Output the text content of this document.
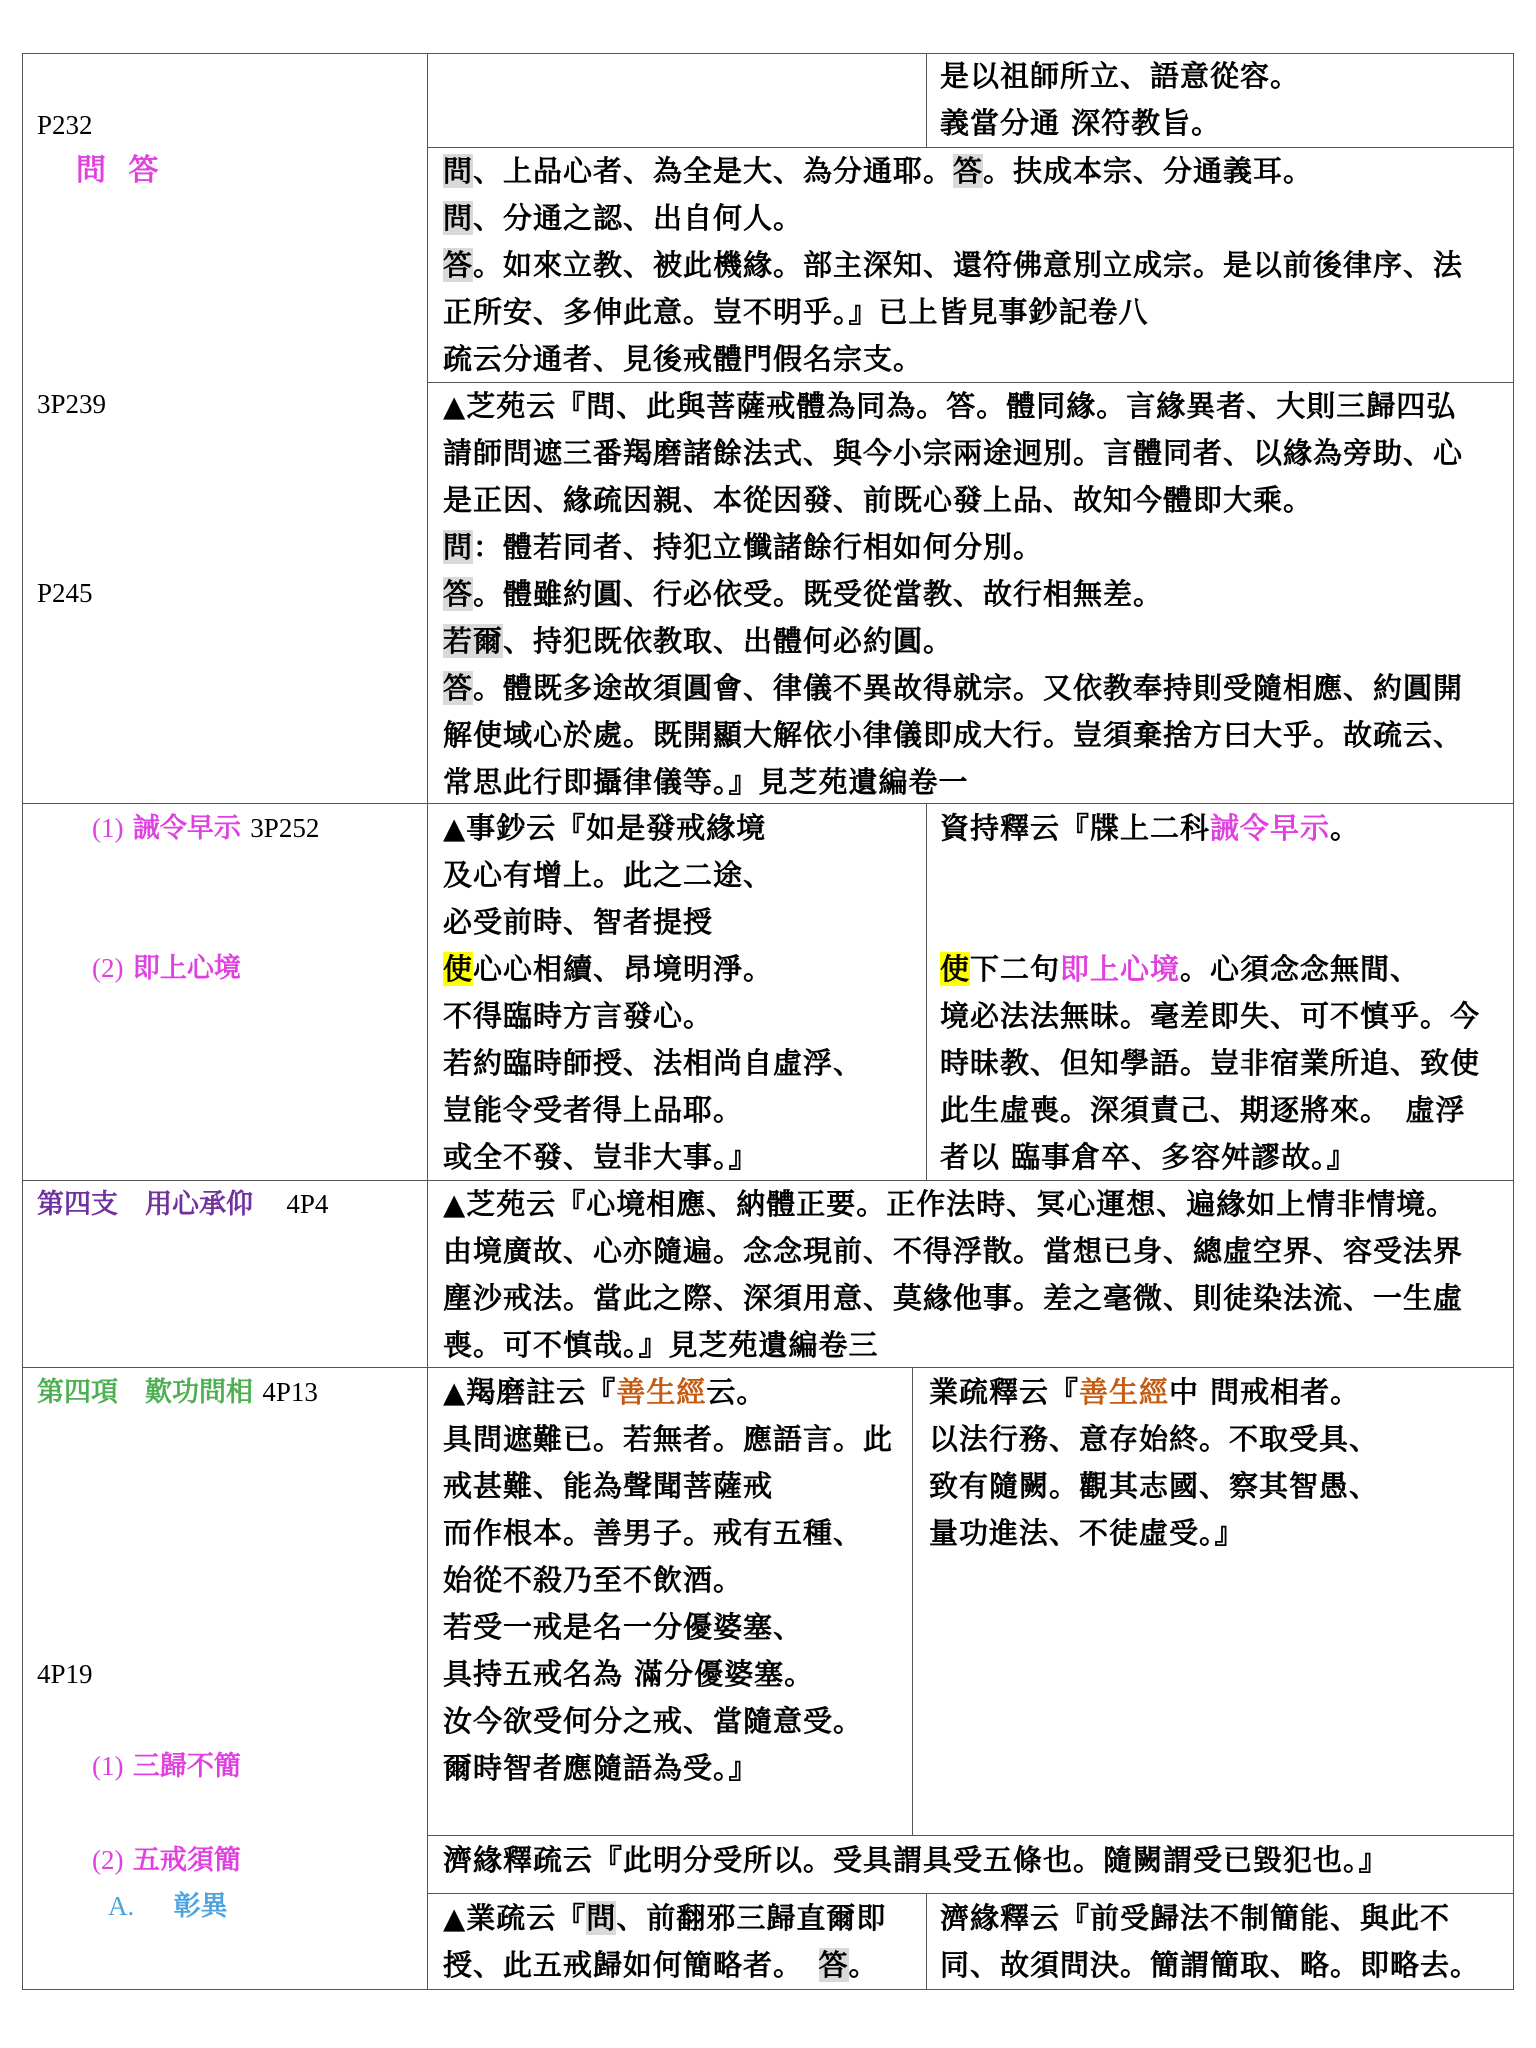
P232
問 答
3P239
P245
(1) 誡令早示 3P252
(2) 即上心境
第四支　用心承仰 4P4
第四項　歎功問相 4P13
4P19
(1) 三歸不簡
(2) 五戒須簡
A. 彰異
是以祖師所立、語意從容。
義當分通 深符教旨。
問、上品心者、為全是大、為分通耶。答。扶成本宗、分通義耳。
問、分通之認、出自何人。
答。如來立教、被此機緣。部主深知、還符佛意別立成宗。是以前後律序、法
正所安、多伸此意。豈不明乎。』已上皆見事鈔記卷八
疏云分通者、見後戒體門假名宗支。
▲芝苑云『問、此與菩薩戒體為同為。答。體同緣。言緣異者、大則三歸四弘
請師問遮三番羯磨諸餘法式、與今小宗兩途迥別。言體同者、以緣為旁助、心
是正因、緣疏因親、本從因發、前既心發上品、故知今體即大乘。
問：體若同者、持犯立懺諸餘行相如何分別。
答。體雖約圓、行必依受。既受從當教、故行相無差。
若爾、持犯既依教取、出體何必約圓。
答。體既多途故須圓會、律儀不異故得就宗。又依教奉持則受隨相應、約圓開
解使域心於處。既開顯大解依小律儀即成大行。豈須棄捨方曰大乎。故疏云、
常思此行即攝律儀等。』見芝苑遺編卷一
▲事鈔云『如是發戒緣境
及心有增上。此之二途、
必受前時、智者提授
使心心相續、昂境明淨。
不得臨時方言發心。
若約臨時師授、法相尚自虛浮、
豈能令受者得上品耶。
或全不發、豈非大事。』
資持釋云『牒上二科誡令早示。
使下二句即上心境。心須念念無間、
境必法法無昧。毫差即失、可不慎乎。今
時昧教、但知學語。豈非宿業所追、致使
此生虛喪。深須責己、期逐將來。　虛浮
者以 臨事倉卒、多容舛謬故。』
▲芝苑云『心境相應、納體正要。正作法時、冥心運想、遍緣如上情非情境。
由境廣故、心亦隨遍。念念現前、不得浮散。當想已身、總虛空界、容受法界
塵沙戒法。當此之際、深須用意、莫緣他事。差之毫微、則徒染法流、一生虛
喪。可不慎哉。』見芝苑遺編卷三
▲羯磨註云『善生經云。
具問遮難已。若無者。應語言。此
戒甚難、能為聲聞菩薩戒
而作根本。善男子。戒有五種、
始從不殺乃至不飲酒。
若受一戒是名一分優婆塞、
具持五戒名為 滿分優婆塞。
汝今欲受何分之戒、當隨意受。
爾時智者應隨語為受。』
業疏釋云『善生經中 問戒相者。
以法行務、意存始終。不取受具、
致有隨闕。觀其志國、察其智愚、
量功進法、不徒虛受。』
濟緣釋疏云『此明分受所以。受具謂具受五條也。隨闕謂受已毀犯也。』
▲業疏云『問、前翻邪三歸直爾即
授、此五戒歸如何簡略者。　答。
濟緣釋云『前受歸法不制簡能、與此不
同、故須問決。簡謂簡取、略。即略去。
